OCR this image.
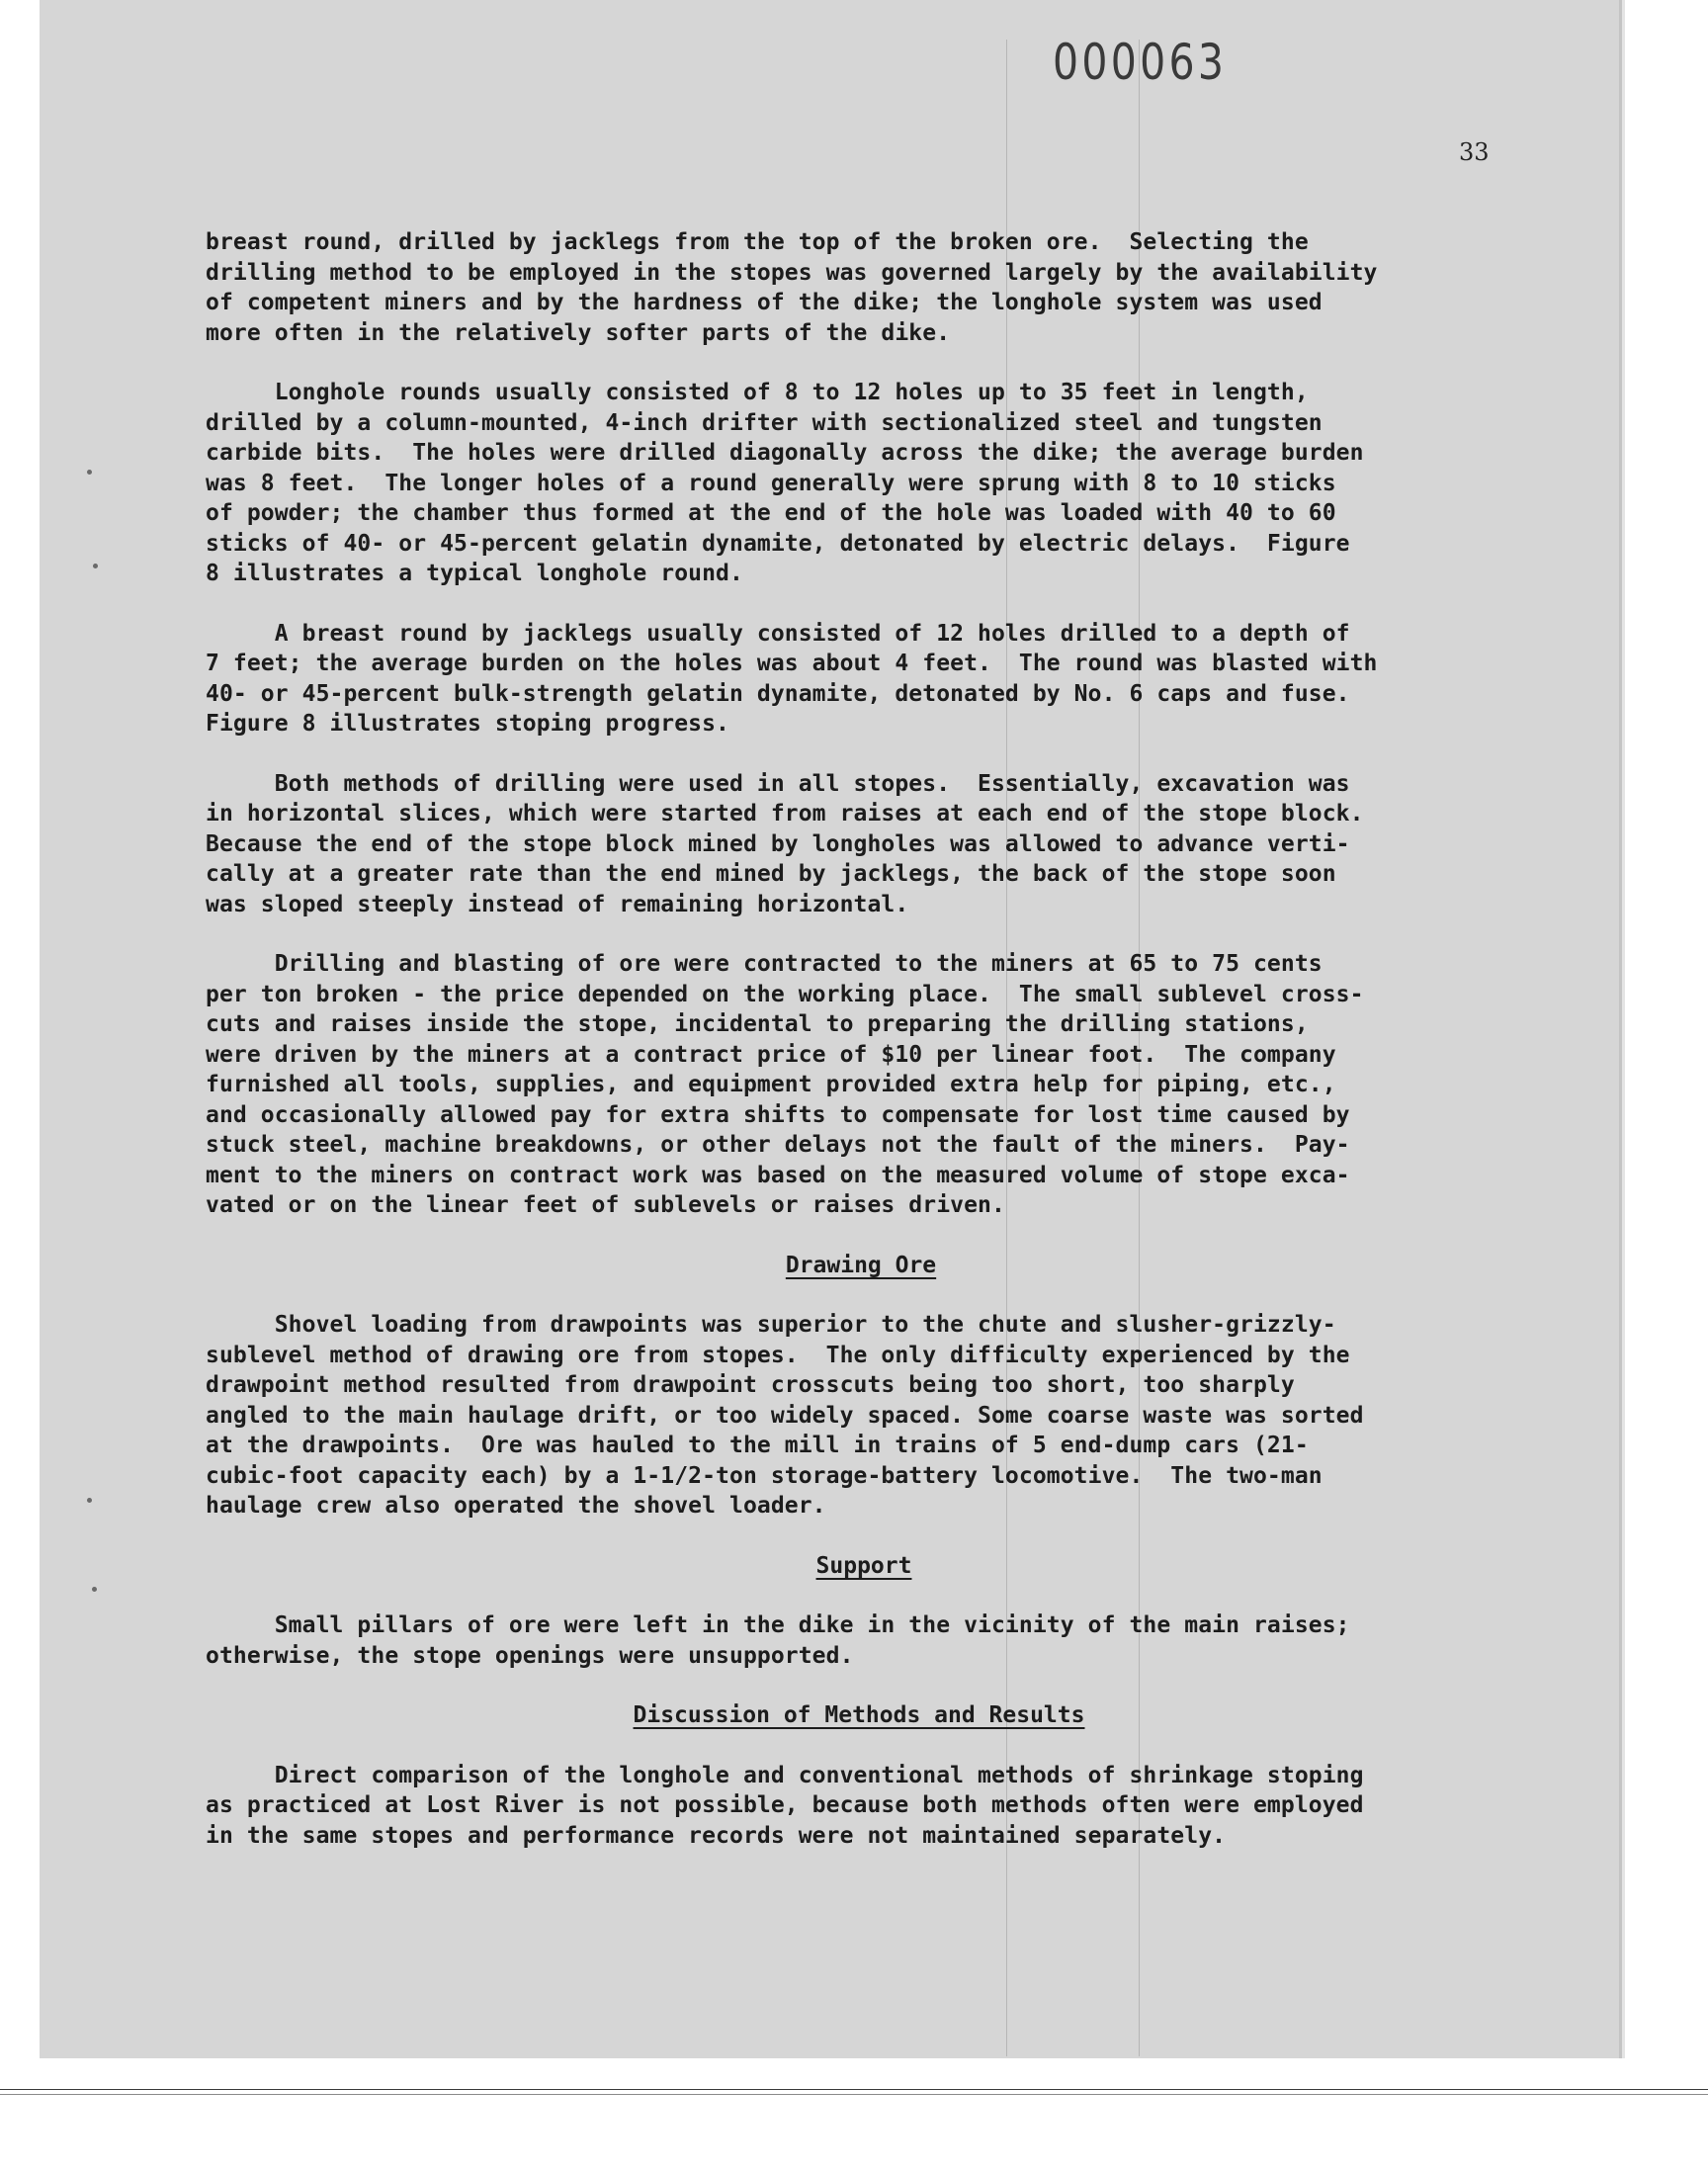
000063
33
breast round, drilled by jacklegs from the top of the broken ore.  Selecting the
drilling method to be employed in the stopes was governed largely by the availability
of competent miners and by the hardness of the dike; the longhole system was used
more often in the relatively softer parts of the dike.
Longhole rounds usually consisted of 8 to 12 holes up to 35 feet in length,
drilled by a column-mounted, 4-inch drifter with sectionalized steel and tungsten
carbide bits.  The holes were drilled diagonally across the dike; the average burden
was 8 feet.  The longer holes of a round generally were sprung with 8 to 10 sticks
of powder; the chamber thus formed at the end of the hole was loaded with 40 to 60
sticks of 40- or 45-percent gelatin dynamite, detonated by electric delays.  Figure
8 illustrates a typical longhole round.
A breast round by jacklegs usually consisted of 12 holes drilled to a depth of
7 feet; the average burden on the holes was about 4 feet.  The round was blasted with
40- or 45-percent bulk-strength gelatin dynamite, detonated by No. 6 caps and fuse.
Figure 8 illustrates stoping progress.
Both methods of drilling were used in all stopes.  Essentially, excavation was
in horizontal slices, which were started from raises at each end of the stope block.
Because the end of the stope block mined by longholes was allowed to advance verti-
cally at a greater rate than the end mined by jacklegs, the back of the stope soon
was sloped steeply instead of remaining horizontal.
Drilling and blasting of ore were contracted to the miners at 65 to 75 cents
per ton broken - the price depended on the working place.  The small sublevel cross-
cuts and raises inside the stope, incidental to preparing the drilling stations,
were driven by the miners at a contract price of $10 per linear foot.  The company
furnished all tools, supplies, and equipment provided extra help for piping, etc.,
and occasionally allowed pay for extra shifts to compensate for lost time caused by
stuck steel, machine breakdowns, or other delays not the fault of the miners.  Pay-
ment to the miners on contract work was based on the measured volume of stope exca-
vated or on the linear feet of sublevels or raises driven.
Drawing Ore
Shovel loading from drawpoints was superior to the chute and slusher-grizzly-
sublevel method of drawing ore from stopes.  The only difficulty experienced by the
drawpoint method resulted from drawpoint crosscuts being too short, too sharply
angled to the main haulage drift, or too widely spaced. Some coarse waste was sorted
at the drawpoints.  Ore was hauled to the mill in trains of 5 end-dump cars (21-
cubic-foot capacity each) by a 1-1/2-ton storage-battery locomotive.  The two-man
haulage crew also operated the shovel loader.
Support
Small pillars of ore were left in the dike in the vicinity of the main raises;
otherwise, the stope openings were unsupported.
Discussion of Methods and Results
Direct comparison of the longhole and conventional methods of shrinkage stoping
as practiced at Lost River is not possible, because both methods often were employed
in the same stopes and performance records were not maintained separately.
